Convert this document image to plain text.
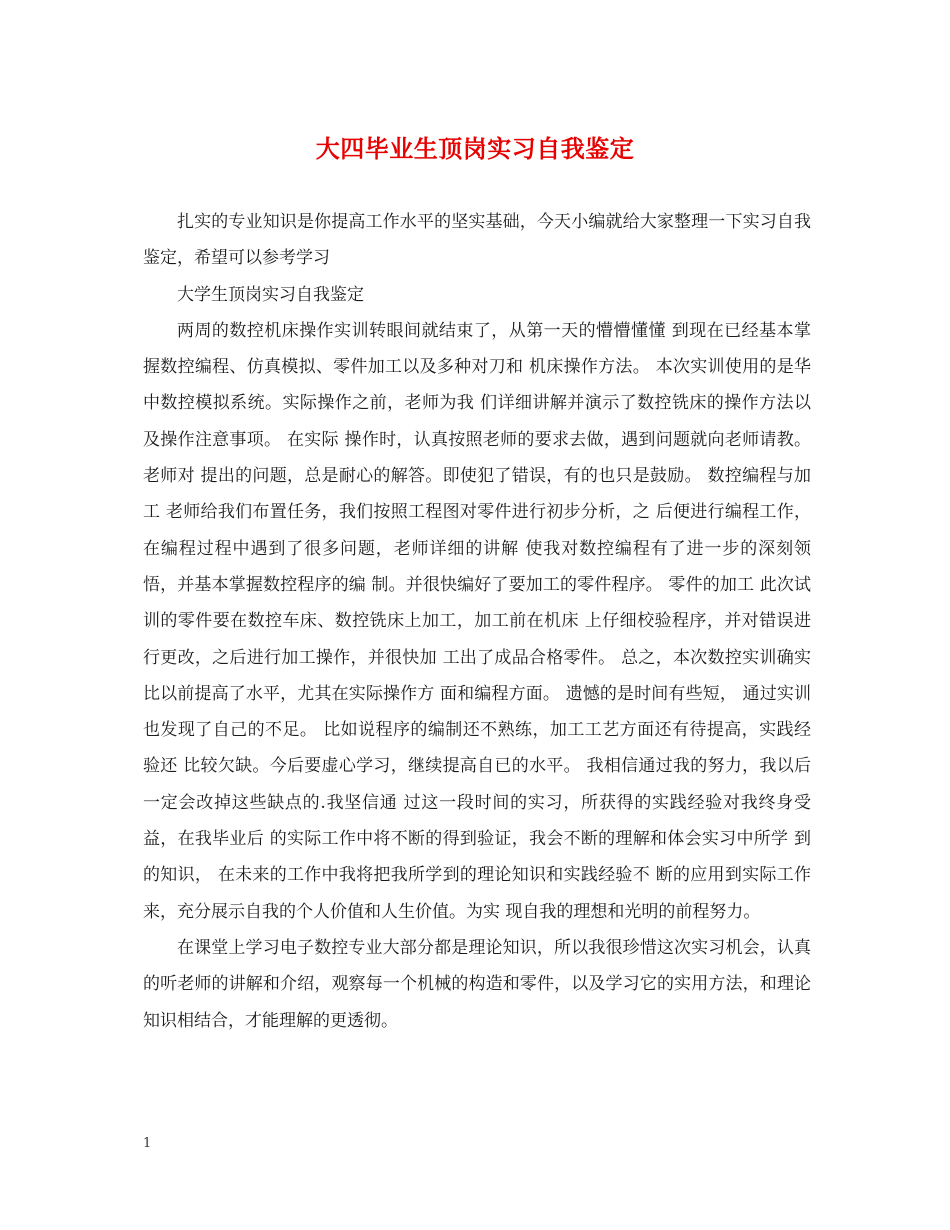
大四毕业生顶岗实习自我鉴定

扎实的专业知识是你提高工作水平的坚实基础，今天小编就给大家整理一下实习自我鉴定，希望可以参考学习

大学生顶岗实习自我鉴定

两周的数控机床操作实训转眼间就结束了，从第一天的懵懵懂懂 到现在已经基本掌握数控编程、仿真模拟、零件加工以及多种对刀和 机床操作方法。 本次实训使用的是华中数控模拟系统。实际操作之前，老师为我 们详细讲解并演示了数控铣床的操作方法以及操作注意事项。 在实际 操作时，认真按照老师的要求去做，遇到问题就向老师请教。老师对 提出的问题，总是耐心的解答。即使犯了错误，有的也只是鼓励。 数控编程与加工 老师给我们布置任务，我们按照工程图对零件进行初步分析，之 后便进行编程工作，在编程过程中遇到了很多问题，老师详细的讲解 使我对数控编程有了进一步的深刻领悟，并基本掌握数控程序的编 制。并很快编好了要加工的零件程序。 零件的加工 此次试训的零件要在数控车床、数控铣床上加工，加工前在机床 上仔细校验程序，并对错误进行更改，之后进行加工操作，并很快加 工出了成品合格零件。 总之，本次数控实训确实比以前提高了水平，尤其在实际操作方 面和编程方面。 遗憾的是时间有些短， 通过实训也发现了自己的不足。 比如说程序的编制还不熟练，加工工艺方面还有待提高，实践经验还 比较欠缺。今后要虚心学习，继续提高自已的水平。 我相信通过我的努力，我以后一定会改掉这些缺点的.我坚信通 过这一段时间的实习，所获得的实践经验对我终身受益，在我毕业后 的实际工作中将不断的得到验证，我会不断的理解和体会实习中所学 到的知识， 在未来的工作中我将把我所学到的理论知识和实践经验不 断的应用到实际工作来，充分展示自我的个人价值和人生价值。为实 现自我的理想和光明的前程努力。

在课堂上学习电子数控专业大部分都是理论知识，所以我很珍惜这次实习机会，认真的听老师的讲解和介绍，观察每一个机械的构造和零件，以及学习它的实用方法，和理论知识相结合，才能理解的更透彻。

1
